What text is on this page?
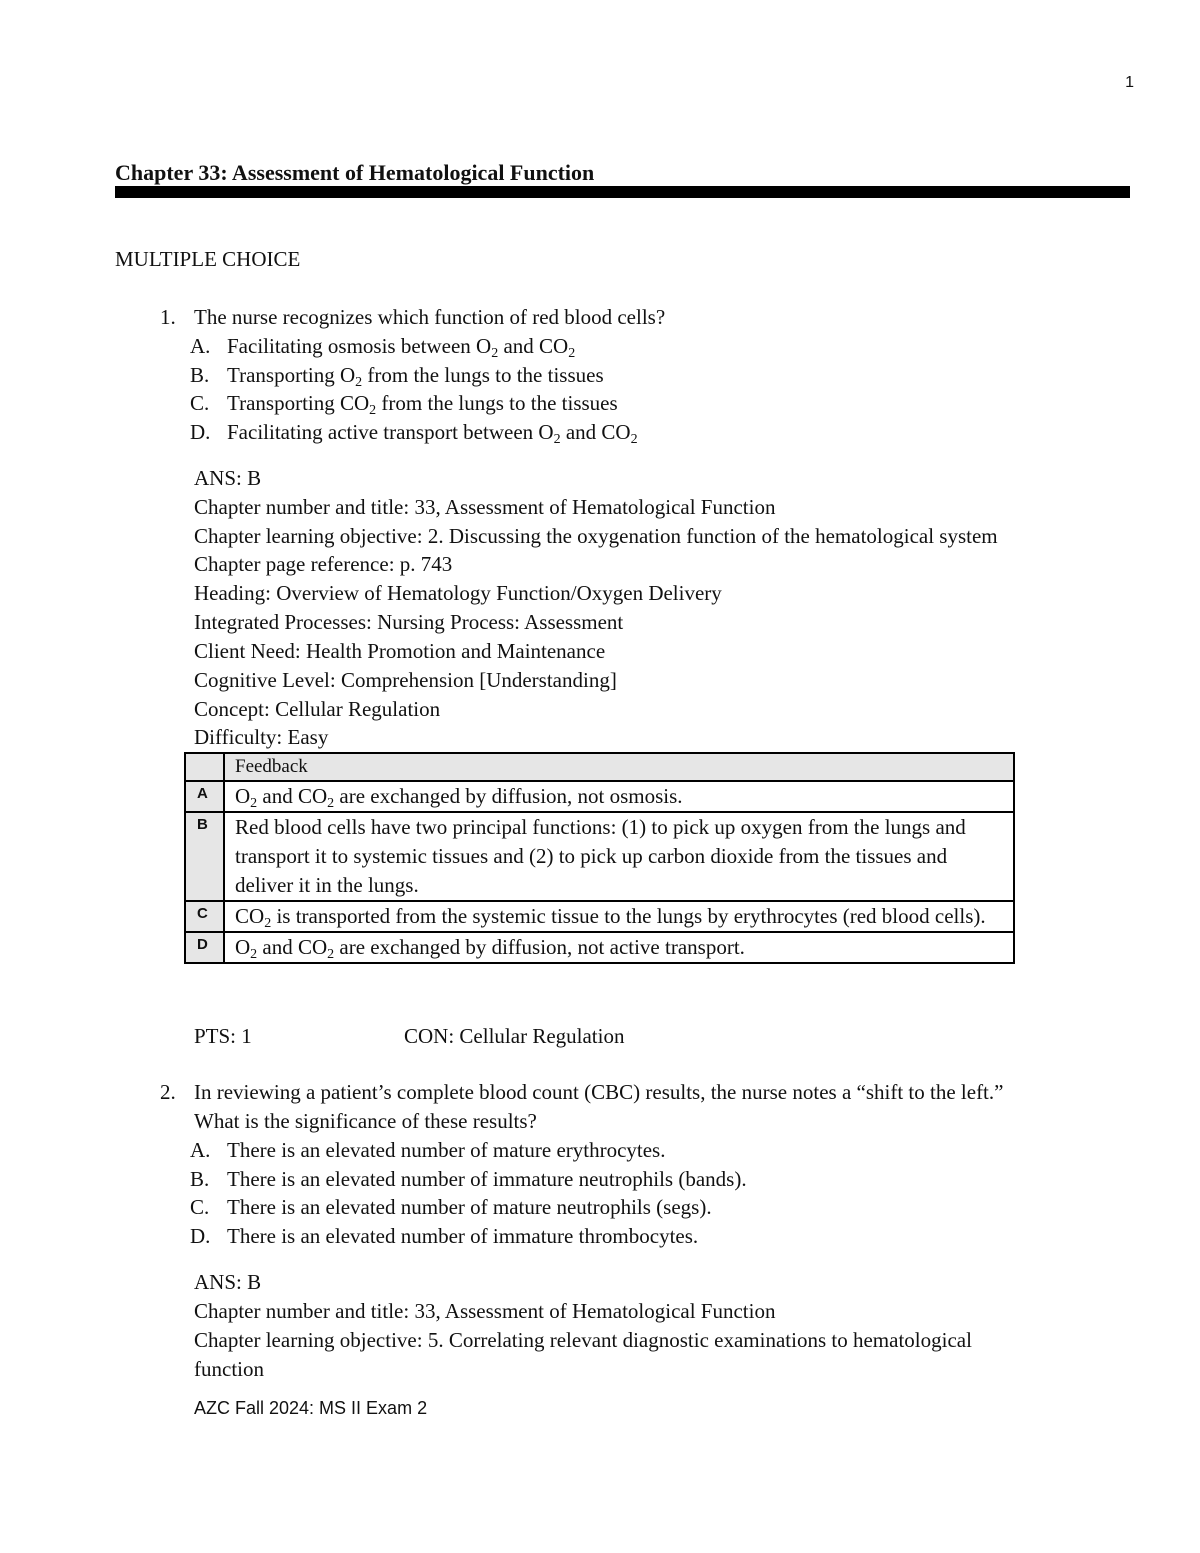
1
Chapter 33: Assessment of Hematological Function
MULTIPLE CHOICE
1. The nurse recognizes which function of red blood cells?
A. Facilitating osmosis between $O_2$ and $CO_2$
B. Transporting $O_2$ from the lungs to the tissues
C. Transporting $CO_2$ from the lungs to the tissues
D. Facilitating active transport between $O_2$ and $CO_2$
ANS: B
Chapter number and title: 33, Assessment of Hematological Function
Chapter learning objective: 2. Discussing the oxygenation function of the hematological system
Chapter page reference: p. 743
Heading: Overview of Hematology Function/Oxygen Delivery
Integrated Processes: Nursing Process: Assessment
Client Need: Health Promotion and Maintenance
Cognitive Level: Comprehension [Understanding]
Concept: Cellular Regulation
Difficulty: Easy
	Feedback
A	$O_2$ and $CO_2$ are exchanged by diffusion, not osmosis.
B	Red blood cells have two principal functions: (1) to pick up oxygen from the lungs and transport it to systemic tissues and (2) to pick up carbon dioxide from the tissues and deliver it in the lungs.
C	$CO_2$ is transported from the systemic tissue to the lungs by erythrocytes (red blood cells).
D	$O_2$ and $CO_2$ are exchanged by diffusion, not active transport.
PTS: 1	CON: Cellular Regulation
2. In reviewing a patient’s complete blood count (CBC) results, the nurse notes a “shift to the left.”
What is the significance of these results?
A. There is an elevated number of mature erythrocytes.
B. There is an elevated number of immature neutrophils (bands).
C. There is an elevated number of mature neutrophils (segs).
D. There is an elevated number of immature thrombocytes.
ANS: B
Chapter number and title: 33, Assessment of Hematological Function
Chapter learning objective: 5. Correlating relevant diagnostic examinations to hematological
function
AZC Fall 2024: MS II Exam 2
